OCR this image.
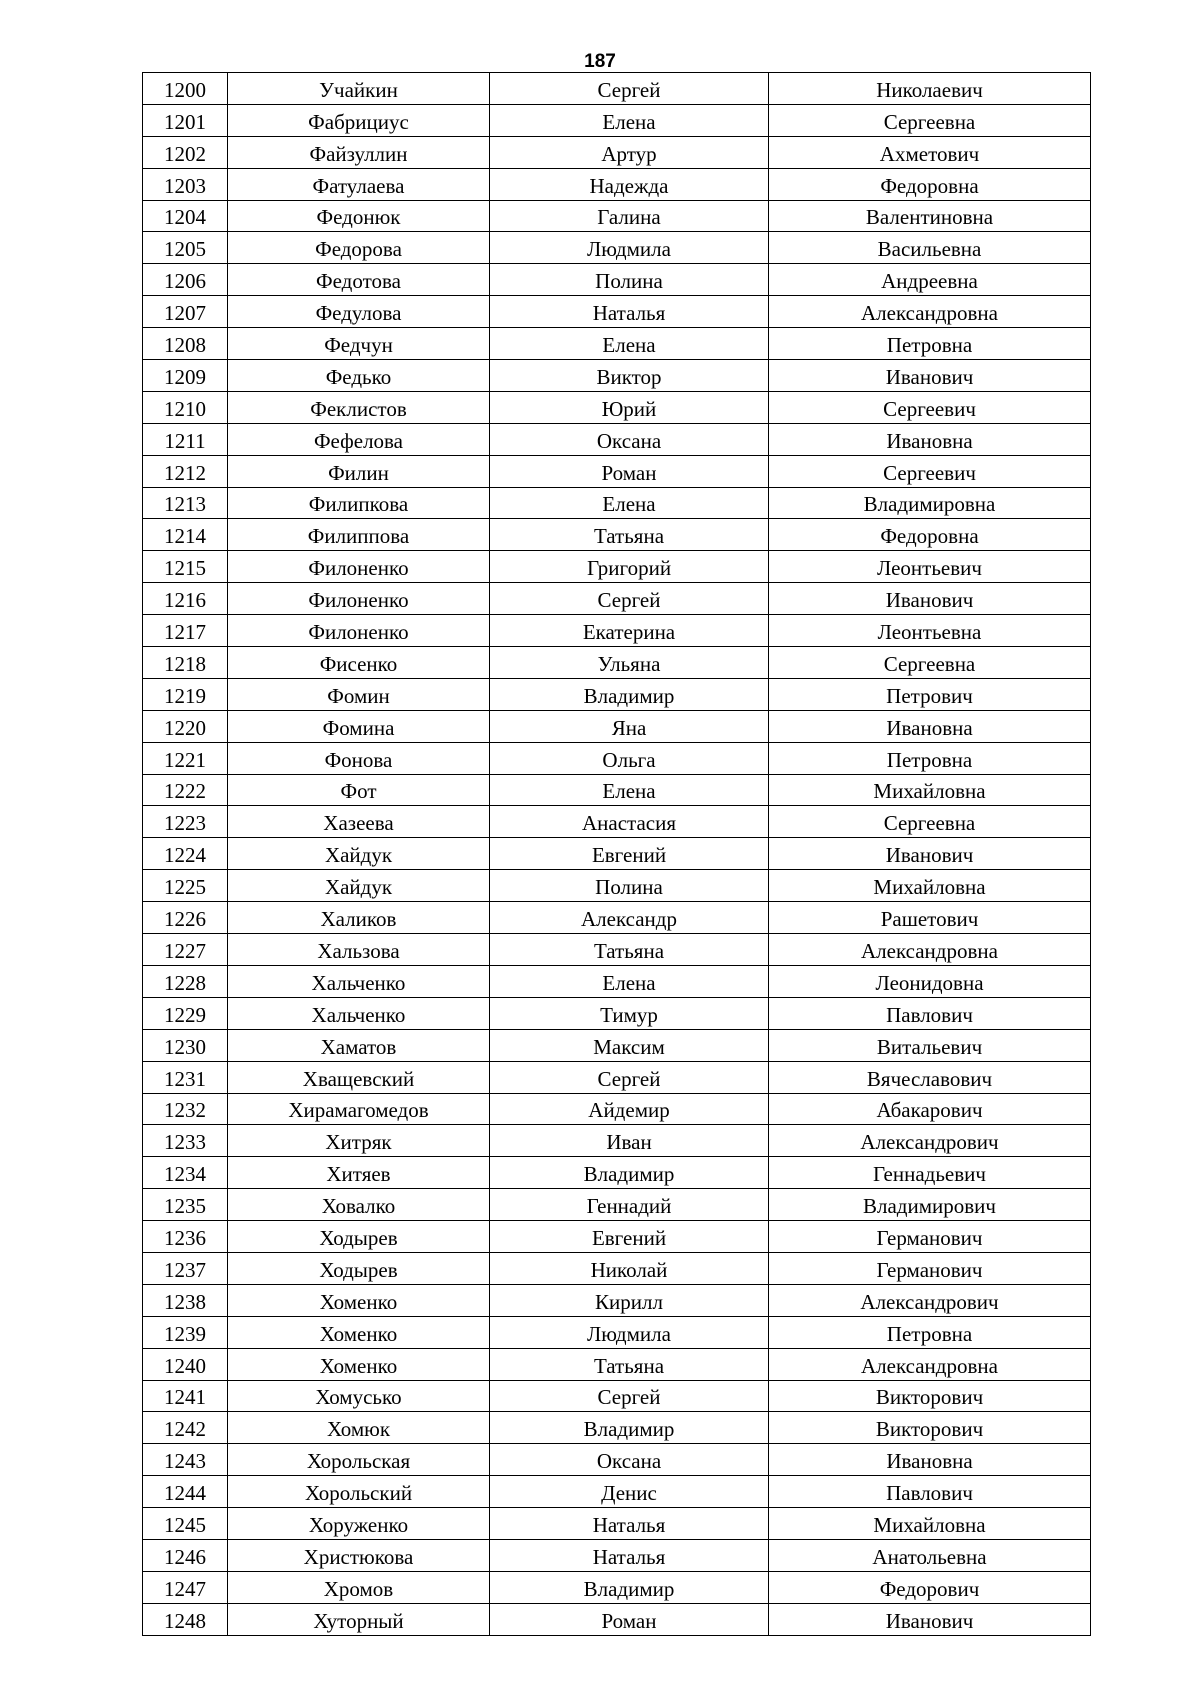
187
1200	Учайкин	Сергей	Николаевич
1201	Фабрициус	Елена	Сергеевна
1202	Файзуллин	Артур	Ахметович
1203	Фатулаева	Надежда	Федоровна
1204	Федонюк	Галина	Валентиновна
1205	Федорова	Людмила	Васильевна
1206	Федотова	Полина	Андреевна
1207	Федулова	Наталья	Александровна
1208	Федчун	Елена	Петровна
1209	Федько	Виктор	Иванович
1210	Феклистов	Юрий	Сергеевич
1211	Фефелова	Оксана	Ивановна
1212	Филин	Роман	Сергеевич
1213	Филипкова	Елена	Владимировна
1214	Филиппова	Татьяна	Федоровна
1215	Филоненко	Григорий	Леонтьевич
1216	Филоненко	Сергей	Иванович
1217	Филоненко	Екатерина	Леонтьевна
1218	Фисенко	Ульяна	Сергеевна
1219	Фомин	Владимир	Петрович
1220	Фомина	Яна	Ивановна
1221	Фонова	Ольга	Петровна
1222	Фот	Елена	Михайловна
1223	Хазеева	Анастасия	Сергеевна
1224	Хайдук	Евгений	Иванович
1225	Хайдук	Полина	Михайловна
1226	Халиков	Александр	Рашетович
1227	Хальзова	Татьяна	Александровна
1228	Хальченко	Елена	Леонидовна
1229	Хальченко	Тимур	Павлович
1230	Хаматов	Максим	Витальевич
1231	Хващевский	Сергей	Вячеславович
1232	Хирамагомедов	Айдемир	Абакарович
1233	Хитряк	Иван	Александрович
1234	Хитяев	Владимир	Геннадьевич
1235	Ховалко	Геннадий	Владимирович
1236	Ходырев	Евгений	Германович
1237	Ходырев	Николай	Германович
1238	Хоменко	Кирилл	Александрович
1239	Хоменко	Людмила	Петровна
1240	Хоменко	Татьяна	Александровна
1241	Хомусько	Сергей	Викторович
1242	Хомюк	Владимир	Викторович
1243	Хорольская	Оксана	Ивановна
1244	Хорольский	Денис	Павлович
1245	Хоруженко	Наталья	Михайловна
1246	Христюкова	Наталья	Анатольевна
1247	Хромов	Владимир	Федорович
1248	Хуторный	Роман	Иванович
